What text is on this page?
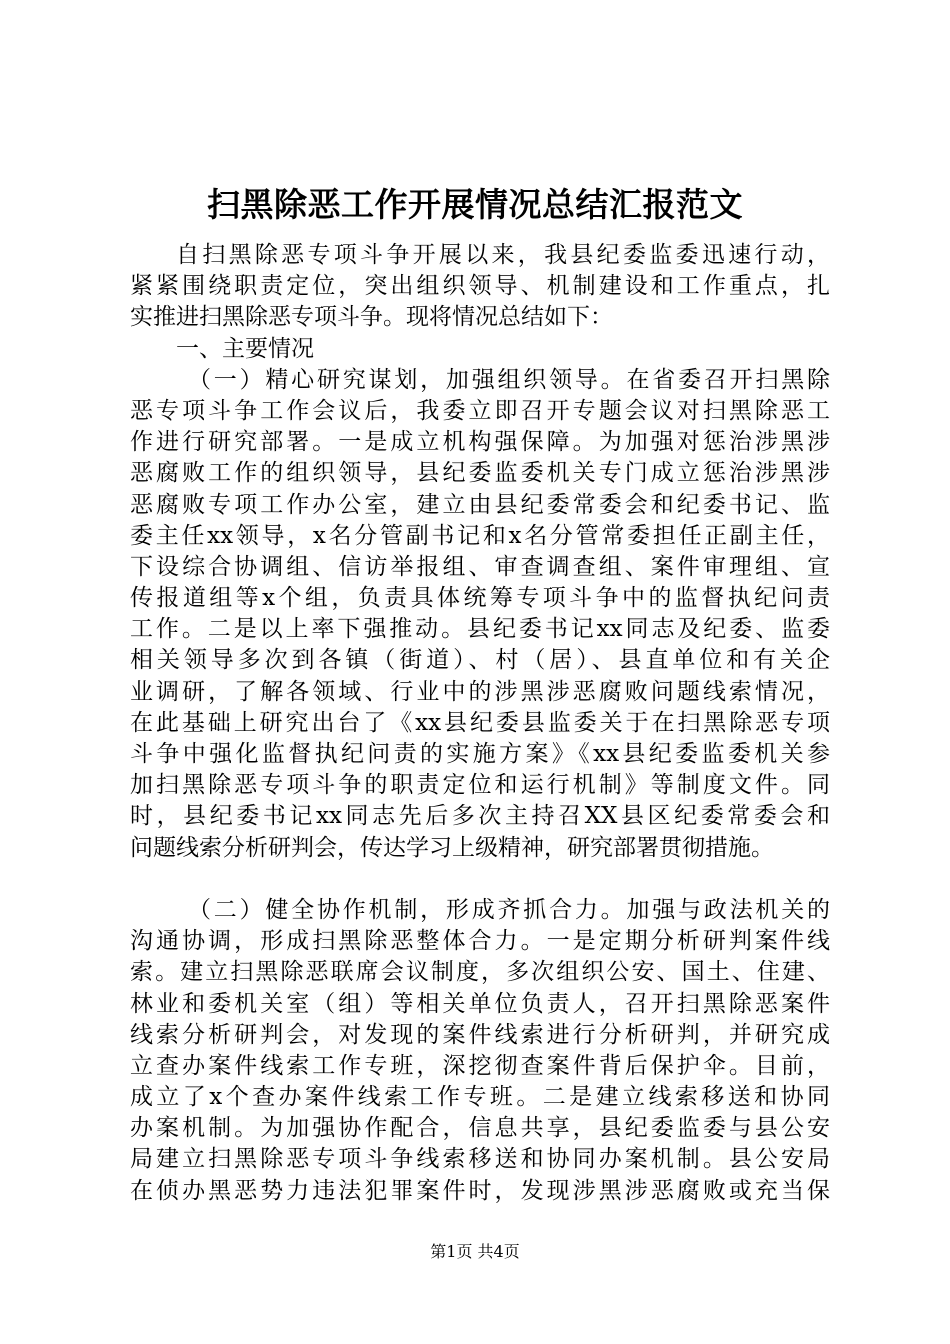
扫黑除恶工作开展情况总结汇报范文
自扫黑除恶专项斗争开展以来，我县纪委监委迅速行动，
紧紧围绕职责定位，突出组织领导、机制建设和工作重点，扎
实推进扫黑除恶专项斗争。现将情况总结如下：
一、主要情况
（一）精心研究谋划，加强组织领导。在省委召开扫黑除
恶专项斗争工作会议后，我委立即召开专题会议对扫黑除恶工
作进行研究部署。一是成立机构强保障。为加强对惩治涉黑涉
恶腐败工作的组织领导，县纪委监委机关专门成立惩治涉黑涉
恶腐败专项工作办公室，建立由县纪委常委会和纪委书记、监
委主任xx领导，x名分管副书记和x名分管常委担任正副主任，
下设综合协调组、信访举报组、审查调查组、案件审理组、宣
传报道组等x个组，负责具体统筹专项斗争中的监督执纪问责
工作。二是以上率下强推动。县纪委书记xx同志及纪委、监委
相关领导多次到各镇（街道）、村（居）、县直单位和有关企
业调研，了解各领域、行业中的涉黑涉恶腐败问题线索情况，
在此基础上研究出台了《xx县纪委县监委关于在扫黑除恶专项
斗争中强化监督执纪问责的实施方案》《xx县纪委监委机关参
加扫黑除恶专项斗争的职责定位和运行机制》等制度文件。同
时，县纪委书记xx同志先后多次主持召XX县区纪委常委会和
问题线索分析研判会，传达学习上级精神，研究部署贯彻措施。
（二）健全协作机制，形成齐抓合力。加强与政法机关的
沟通协调，形成扫黑除恶整体合力。一是定期分析研判案件线
索。建立扫黑除恶联席会议制度，多次组织公安、国土、住建、
林业和委机关室（组）等相关单位负责人，召开扫黑除恶案件
线索分析研判会，对发现的案件线索进行分析研判，并研究成
立查办案件线索工作专班，深挖彻查案件背后保护伞。目前，
成立了x个查办案件线索工作专班。二是建立线索移送和协同
办案机制。为加强协作配合，信息共享，县纪委监委与县公安
局建立扫黑除恶专项斗争线索移送和协同办案机制。县公安局
在侦办黑恶势力违法犯罪案件时，发现涉黑涉恶腐败或充当保
第1页 共4页
